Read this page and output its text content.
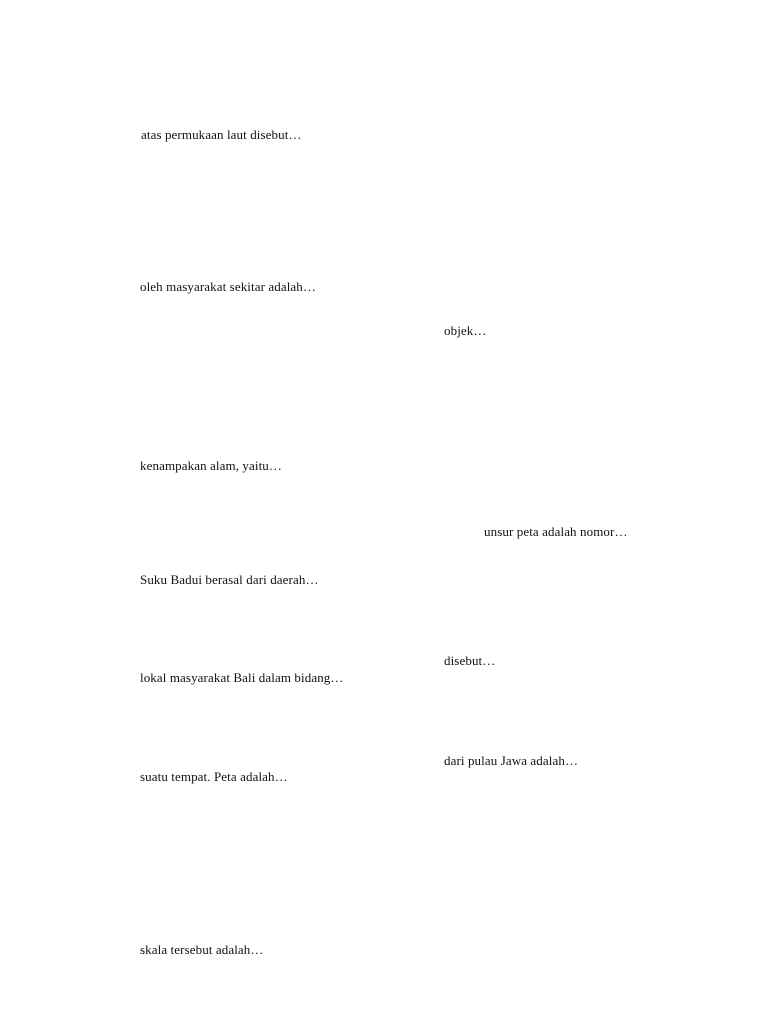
atas permukaan laut disebut…
oleh masyarakat sekitar adalah…
objek…
kenampakan alam, yaitu…
unsur peta adalah nomor…
Suku Badui berasal dari daerah…
disebut…
lokal masyarakat Bali dalam bidang…
dari pulau Jawa adalah…
suatu tempat. Peta adalah…
skala tersebut adalah…
